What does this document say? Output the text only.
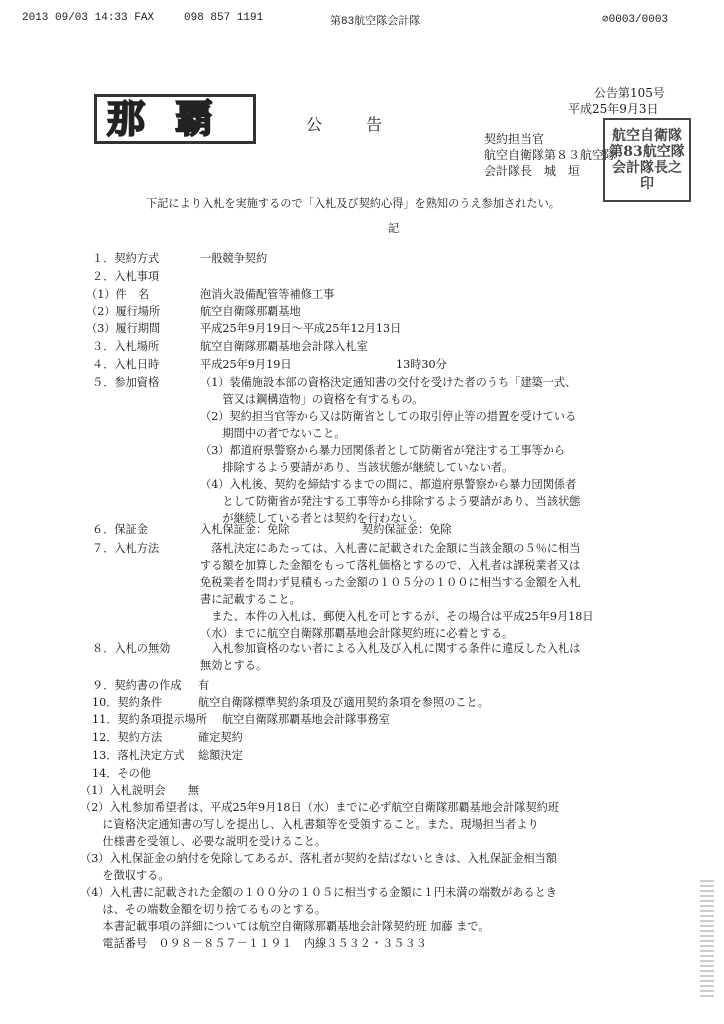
2013 09/03 14:33 FAX	098 857 1191	第83航空隊会計隊	⊘0003/0003
公告第105号
平成25年9月3日
那覇	公　　告
契約担当官
航空自衛隊第８３航空隊
会計隊長　城　垣
航空自衛隊第83航空隊会計隊長之印
下記により入札を実施するので「入札及び契約心得」を熟知のうえ参加されたい。
記
１．契約方式	一般競争契約
２．入札事項
（1）件　名	泡消火設備配管等補修工事
（2）履行場所	航空自衛隊那覇基地
（3）履行期間	平成25年9月19日～平成25年12月13日
３．入札場所	航空自衛隊那覇基地会計隊入札室
４．入札日時	平成25年9月19日	13時30分
５．参加資格	（1）装備施設本部の資格決定通知書の交付を受けた者のうち「建築一式、
　　管又は鋼構造物」の資格を有するもの。
（2）契約担当官等から又は防衛省としての取引停止等の措置を受けている
　　期間中の者でないこと。
（3）都道府県警察から暴力団関係者として防衛省が発注する工事等から
　　排除するよう要請があり、当該状態が継続していない者。
（4）入札後、契約を締結するまでの間に、都道府県警察から暴力団関係者
　　として防衛省が発注する工事等から排除するよう要請があり、当該状態
　　が継続している者とは契約を行わない。
６．保証金	入札保証金：免除	契約保証金：免除
７．入札方法	　落札決定にあたっては、入札書に記載された金額に当該金額の５％に相当
する額を加算した金額をもって落札価格とするので、入札者は課税業者又は
免税業者を問わず見積もった金額の１０５分の１００に相当する金額を入札
書に記載すること。
　また、本件の入札は、郵便入札を可とするが、その場合は平成25年9月18日
（水）までに航空自衛隊那覇基地会計隊契約班に必着とする。
８．入札の無効	　入札参加資格のない者による入札及び入札に関する条件に違反した入札は
無効とする。
９．契約書の作成 有
10．契約条件	航空自衛隊標準契約条項及び適用契約条項を参照のこと。
11．契約条項提示場所 航空自衛隊那覇基地会計隊事務室
12．契約方法	確定契約
13．落札決定方式 総額決定
14．その他
（1）入札説明会　　無
（2）入札参加希望者は、平成25年9月18日（水）までに必ず航空自衛隊那覇基地会計隊契約班
　　に資格決定通知書の写しを提出し、入札書類等を受領すること。また、現場担当者より
　　仕様書を受領し、必要な説明を受けること。
（3）入札保証金の納付を免除してあるが、落札者が契約を結ばないときは、入札保証金相当額
　　を徴収する。
（4）入札書に記載された金額の１００分の１０５に相当する金額に１円未満の端数があるとき
　　は、その端数金額を切り捨てるものとする。
　　本書記載事項の詳細については航空自衛隊那覇基地会計隊契約班 加藤 まで。
　　電話番号　０９８－８５７－１１９１　内線３５３２・３５３３
